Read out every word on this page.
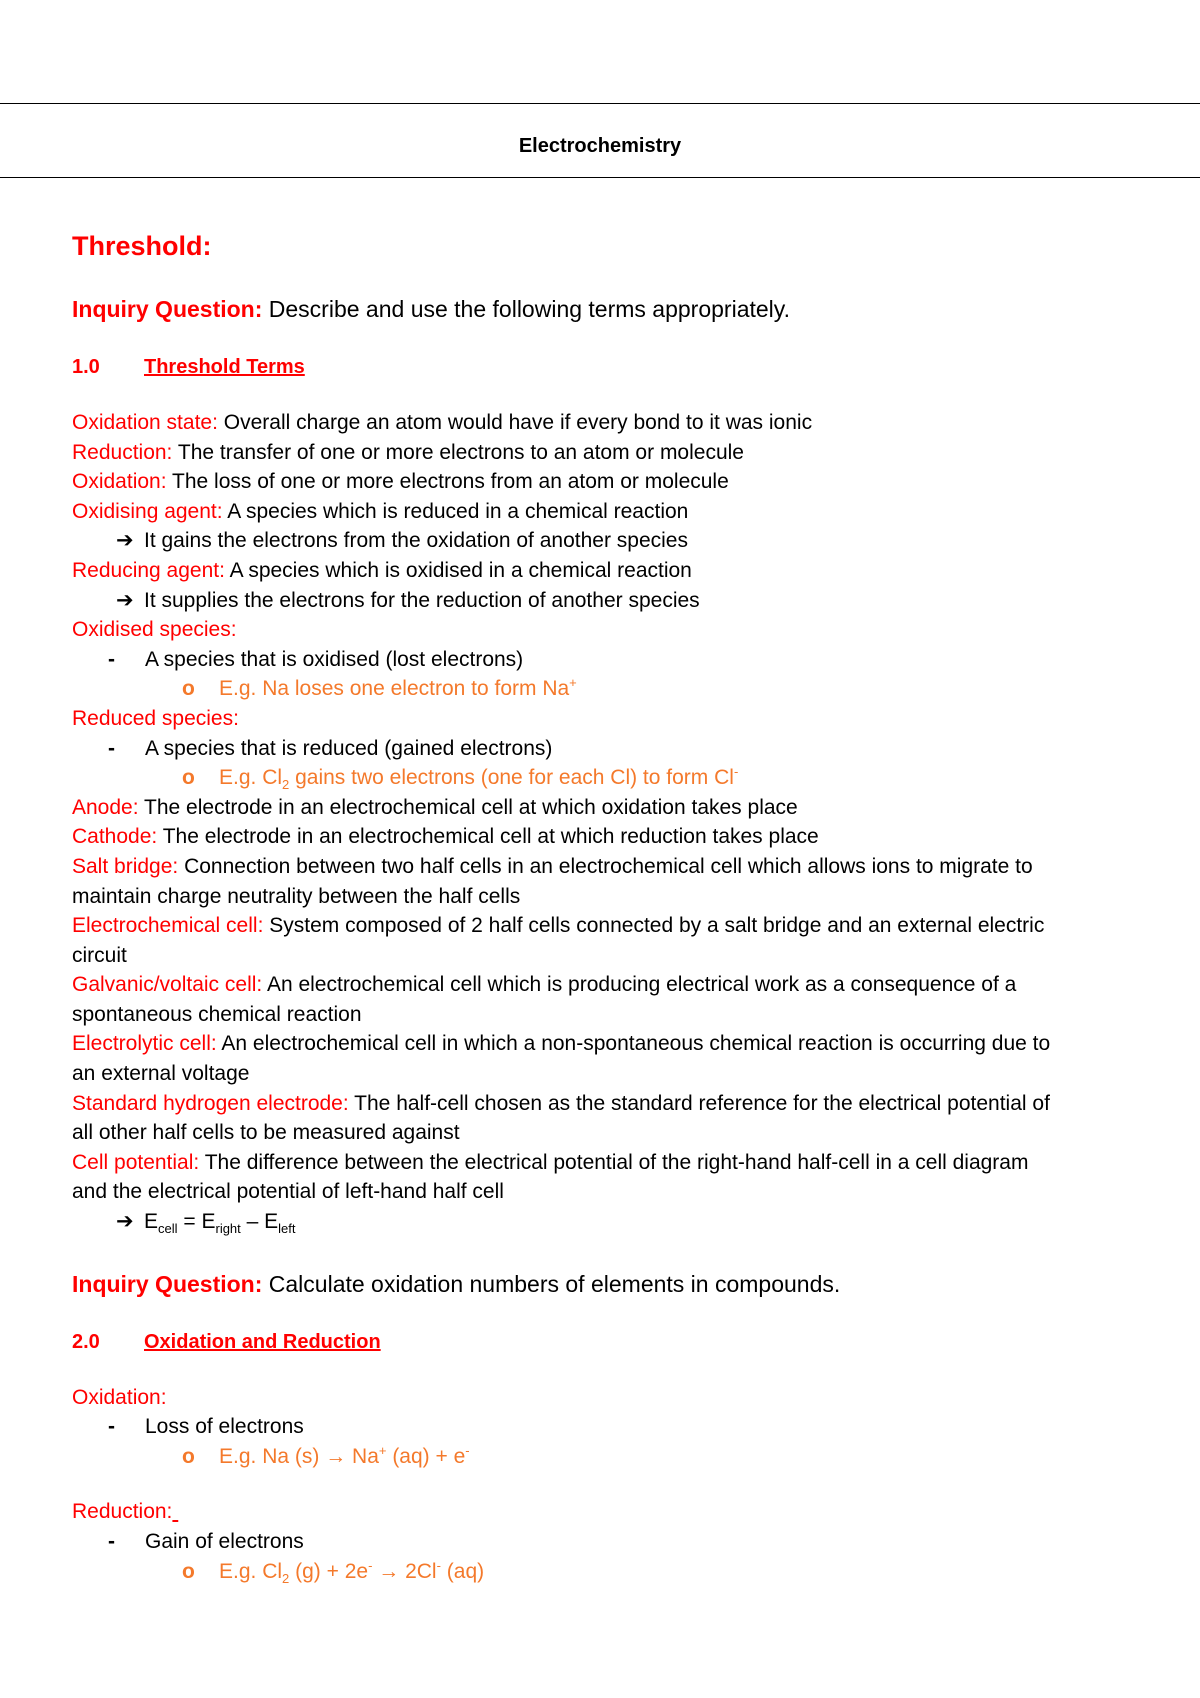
Electrochemistry
Threshold:
Inquiry Question: Describe and use the following terms appropriately.
1.0 Threshold Terms
Oxidation state: Overall charge an atom would have if every bond to it was ionic
Reduction: The transfer of one or more electrons to an atom or molecule
Oxidation: The loss of one or more electrons from an atom or molecule
Oxidising agent: A species which is reduced in a chemical reaction
➔ It gains the electrons from the oxidation of another species
Reducing agent: A species which is oxidised in a chemical reaction
➔ It supplies the electrons for the reduction of another species
Oxidised species:
- A species that is oxidised (lost electrons)
o E.g. Na loses one electron to form Na+
Reduced species:
- A species that is reduced (gained electrons)
o E.g. $Cl_2$ gains two electrons (one for each Cl) to form Cl-
Anode: The electrode in an electrochemical cell at which oxidation takes place
Cathode: The electrode in an electrochemical cell at which reduction takes place
Salt bridge: Connection between two half cells in an electrochemical cell which allows ions to migrate to
maintain charge neutrality between the half cells
Electrochemical cell: System composed of 2 half cells connected by a salt bridge and an external electric
circuit
Galvanic/voltaic cell: An electrochemical cell which is producing electrical work as a consequence of a
spontaneous chemical reaction
Electrolytic cell: An electrochemical cell in which a non-spontaneous chemical reaction is occurring due to
an external voltage
Standard hydrogen electrode: The half-cell chosen as the standard reference for the electrical potential of
all other half cells to be measured against
Cell potential: The difference between the electrical potential of the right-hand half-cell in a cell diagram
and the electrical potential of left-hand half cell
➔ $E_{cell} = E_{right} - E_{left}$
Inquiry Question: Calculate oxidation numbers of elements in compounds.
2.0 Oxidation and Reduction
Oxidation:
- Loss of electrons
o E.g. Na (s) → Na+ (aq) + e-
Reduction:
- Gain of electrons
o E.g. $Cl_2$ (g) + 2e- → 2Cl- (aq)
